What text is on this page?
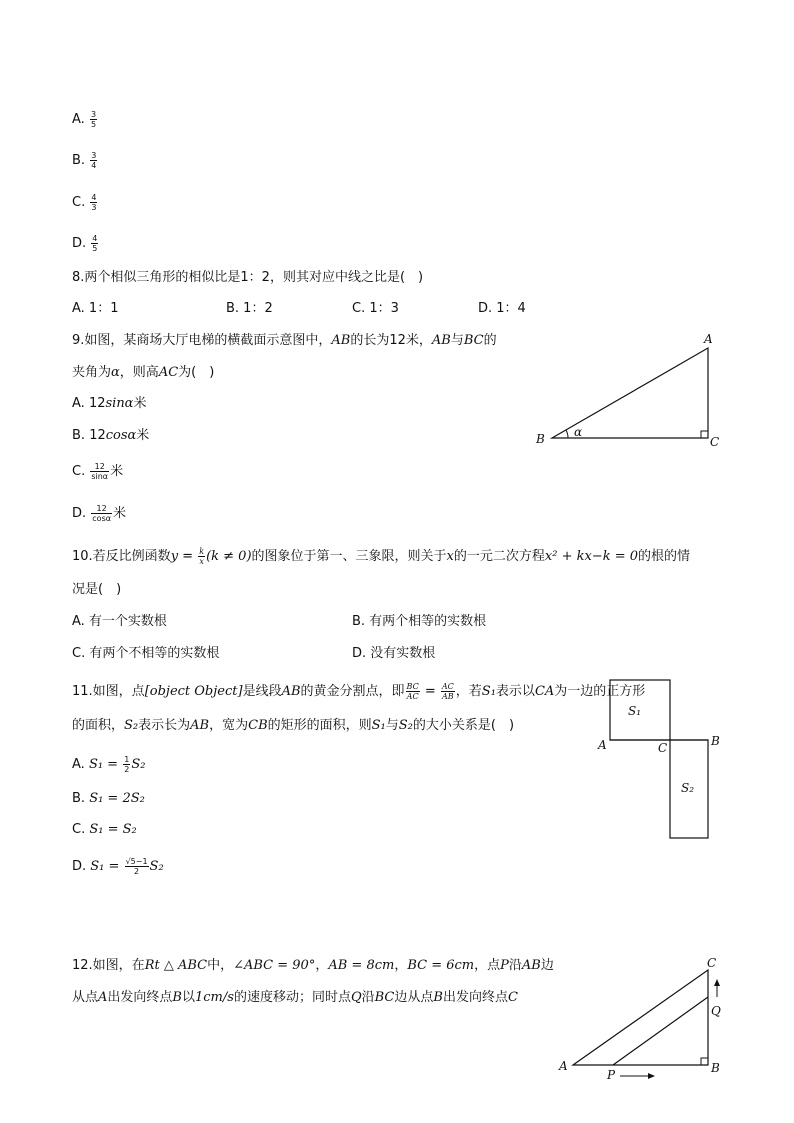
A. $\frac{3}{5}$
B. $\frac{3}{4}$
C. $\frac{4}{3}$
D. $\frac{4}{5}$
8.两个相似三角形的相似比是1：2，则其对应中线之比是(　)
A. 1：1	B. 1：2	C. 1：3	D. 1：4
9.如图，某商场大厅电梯的横截面示意图中，AB的长为12米，AB与BC的
夹角为α，则高AC为(　)
A. 12sinα米
B. 12cosα米
C. $\frac{12}{\sin\alpha}$ 米
D. $\frac{12}{\cos\alpha}$ 米
A
B	C
α
10.若反比例函数$y = \frac{k}{x} (k \ne 0)$的图象位于第一、三象限，则关于x的一元二次方程x² + kx−k = 0的根的情
况是(　)
A. 有一个实数根	B. 有两个相等的实数根
C. 有两个不相等的实数根	D. 没有实数根
11.如图，点[object Object]是线段AB的黄金分割点，即 $\frac{BC}{AC} = \frac{AC}{AB}$ ，若S₁表示以CA为一边的正方形
的面积，S₂表示长为AB，宽为CB的矩形的面积，则S₁与S₂的大小关系是(　)
A. $S_1 = \frac{1}{2} S_2$
B. S₁ = 2S₂
C. S₁ = S₂
D. $S_1 = \frac{√5-1}{2} S_2$
S₁
S₂
A	C	B
12.如图，在Rt △ ABC中，∠ABC = 90°，AB = 8cm，BC = 6cm，点P沿AB边
从点A出发向终点B以1cm/s的速度移动；同时点Q沿BC边从点B出发向终点C
C
Q
A
P	B
